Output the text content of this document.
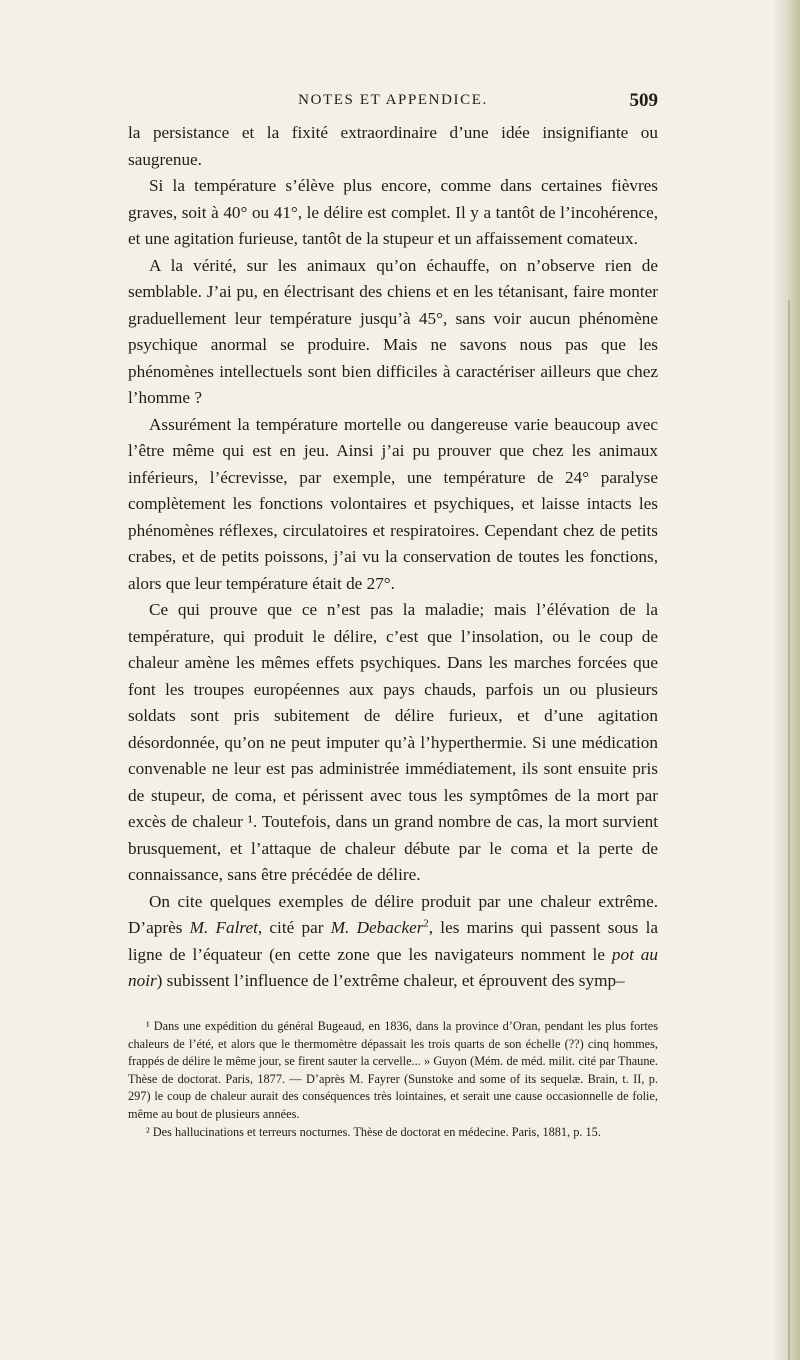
NOTES ET APPENDICE.	509

la persistance et la fixité extraordinaire d’une idée insignifiante ou saugrenue.

Si la température s’élève plus encore, comme dans certaines fièvres graves, soit à 40° ou 41°, le délire est complet. Il y a tantôt de l’incohérence, et une agitation furieuse, tantôt de la stupeur et un affaissement comateux.

A la vérité, sur les animaux qu’on échauffe, on n’observe rien de semblable. J’ai pu, en électrisant des chiens et en les tétanisant, faire monter graduellement leur température jusqu’à 45°, sans voir aucun phénomène psychique anormal se produire. Mais ne savons nous pas que les phénomènes intellectuels sont bien difficiles à caractériser ailleurs que chez l’homme ?

Assurément la température mortelle ou dangereuse varie beaucoup avec l’être même qui est en jeu. Ainsi j’ai pu prouver que chez les animaux inférieurs, l’écrevisse, par exemple, une température de 24° paralyse complètement les fonctions volontaires et psychiques, et laisse intacts les phénomènes réflexes, circulatoires et respiratoires. Cependant chez de petits crabes, et de petits poissons, j’ai vu la conservation de toutes les fonctions, alors que leur température était de 27°.

Ce qui prouve que ce n’est pas la maladie; mais l’élévation de la température, qui produit le délire, c’est que l’insolation, ou le coup de chaleur amène les mêmes effets psychiques. Dans les marches forcées que font les troupes européennes aux pays chauds, parfois un ou plusieurs soldats sont pris subitement de délire furieux, et d’une agitation désordonnée, qu’on ne peut imputer qu’à l’hyperthermie. Si une médication convenable ne leur est pas administrée immédiatement, ils sont ensuite pris de stupeur, de coma, et périssent avec tous les symptômes de la mort par excès de chaleur ¹. Toutefois, dans un grand nombre de cas, la mort survient brusquement, et l’attaque de chaleur débute par le coma et la perte de connaissance, sans être précédée de délire.

On cite quelques exemples de délire produit par une chaleur extrême. D’après M. Falret, cité par M. Debacker$^2$, les marins qui passent sous la ligne de l’équateur (en cette zone que les navigateurs nomment le pot au noir) subissent l’influence de l’extrême chaleur, et éprouvent des symp–

¹ Dans une expédition du général Bugeaud, en 1836, dans la province d’Oran, pendant les plus fortes chaleurs de l’été, et alors que le thermomètre dépassait les trois quarts de son échelle (??) cinq hommes, frappés de délire le même jour, se firent sauter la cervelle... » Guyon (Mém. de méd. milit. cité par Thaune. Thèse de doctorat. Paris, 1877. — D’après M. Fayrer (Sunstoke and some of its sequelæ. Brain, t. II, p. 297) le coup de chaleur aurait des conséquences très lointaines, et serait une cause occasionnelle de folie, même au bout de plusieurs années.

² Des hallucinations et terreurs nocturnes. Thèse de doctorat en médecine. Paris, 1881, p. 15.
